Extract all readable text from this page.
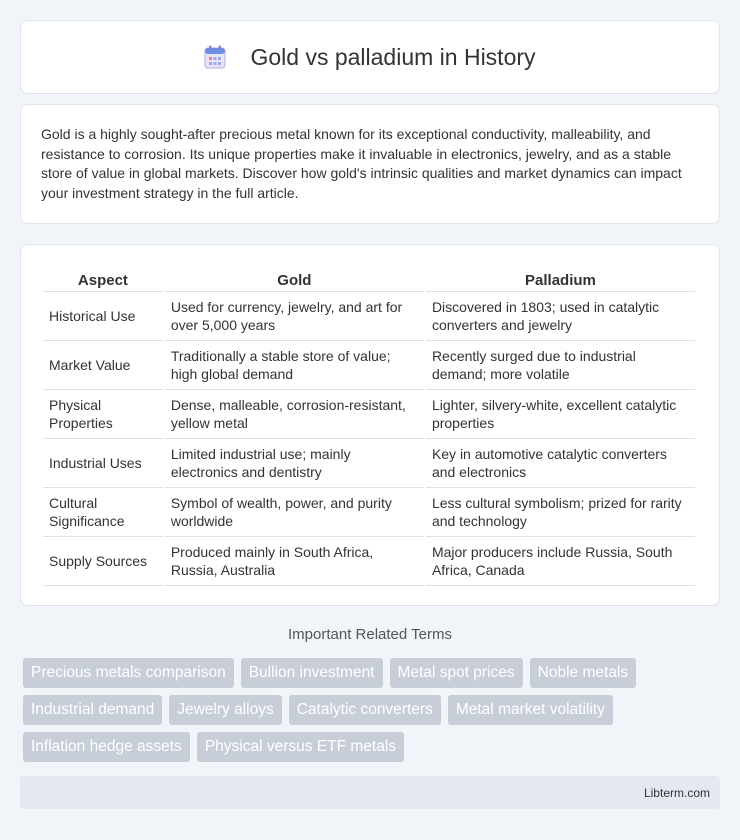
Gold vs palladium in History

Gold is a highly sought-after precious metal known for its exceptional conductivity, malleability, and resistance to corrosion. Its unique properties make it invaluable in electronics, jewelry, and as a stable store of value in global markets. Discover how gold's intrinsic qualities and market dynamics can impact your investment strategy in the full article.

Aspect	Gold	Palladium
Historical Use	Used for currency, jewelry, and art for over 5,000 years	Discovered in 1803; used in catalytic converters and jewelry
Market Value	Traditionally a stable store of value; high global demand	Recently surged due to industrial demand; more volatile
Physical Properties	Dense, malleable, corrosion-resistant, yellow metal	Lighter, silvery-white, excellent catalytic properties
Industrial Uses	Limited industrial use; mainly electronics and dentistry	Key in automotive catalytic converters and electronics
Cultural Significance	Symbol of wealth, power, and purity worldwide	Less cultural symbolism; prized for rarity and technology
Supply Sources	Produced mainly in South Africa, Russia, Australia	Major producers include Russia, South Africa, Canada
Important Related Terms
Precious metals comparison	Bullion investment	Metal spot prices	Noble metals
Industrial demand	Jewelry alloys	Catalytic converters	Metal market volatility
Inflation hedge assets	Physical versus ETF metals
Libterm.com
